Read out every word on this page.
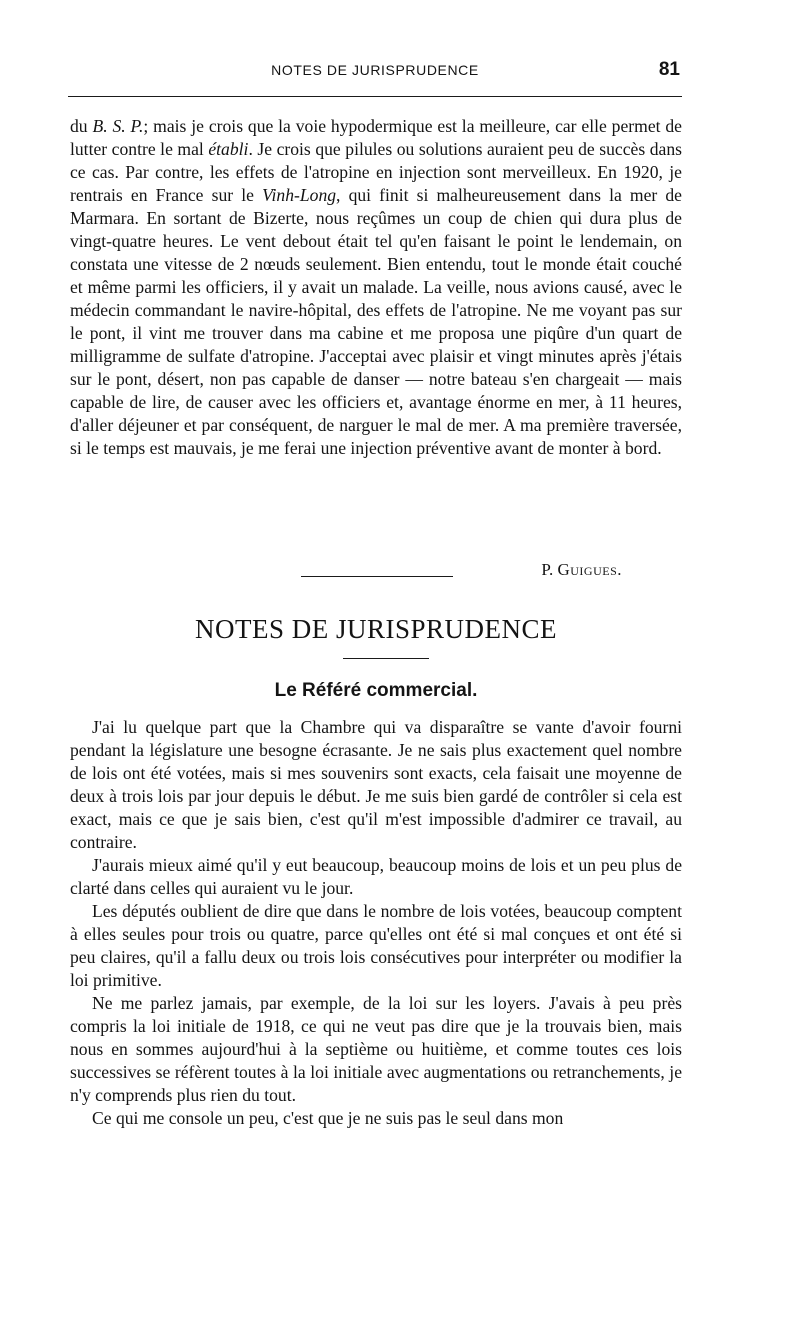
NOTES DE JURISPRUDENCE	81

du B. S. P.; mais je crois que la voie hypodermique est la meilleure, car elle permet de lutter contre le mal établi. Je crois que pilules ou solutions auraient peu de succès dans ce cas. Par contre, les effets de l'atropine en injection sont merveilleux. En 1920, je rentrais en France sur le Vinh-Long, qui finit si malheureusement dans la mer de Marmara. En sortant de Bizerte, nous reçûmes un coup de chien qui dura plus de vingt-quatre heures. Le vent debout était tel qu'en faisant le point le lendemain, on constata une vitesse de 2 nœuds seulement. Bien entendu, tout le monde était couché et même parmi les officiers, il y avait un malade. La veille, nous avions causé, avec le médecin commandant le navire-hôpital, des effets de l'atropine. Ne me voyant pas sur le pont, il vint me trouver dans ma cabine et me proposa une piqûre d'un quart de milligramme de sulfate d'atropine. J'acceptai avec plaisir et vingt minutes après j'étais sur le pont, désert, non pas capable de danser — notre bateau s'en chargeait — mais capable de lire, de causer avec les officiers et, avantage énorme en mer, à 11 heures, d'aller déjeuner et par conséquent, de narguer le mal de mer. A ma première traversée, si le temps est mauvais, je me ferai une injection préventive avant de monter à bord.

P. Guigues.
NOTES DE JURISPRUDENCE
Le Référé commercial.

J'ai lu quelque part que la Chambre qui va disparaître se vante d'avoir fourni pendant la législature une besogne écrasante. Je ne sais plus exactement quel nombre de lois ont été votées, mais si mes souvenirs sont exacts, cela faisait une moyenne de deux à trois lois par jour depuis le début. Je me suis bien gardé de contrôler si cela est exact, mais ce que je sais bien, c'est qu'il m'est impossible d'admirer ce travail, au contraire.

J'aurais mieux aimé qu'il y eut beaucoup, beaucoup moins de lois et un peu plus de clarté dans celles qui auraient vu le jour.

Les députés oublient de dire que dans le nombre de lois votées, beaucoup comptent à elles seules pour trois ou quatre, parce qu'elles ont été si mal conçues et ont été si peu claires, qu'il a fallu deux ou trois lois consécutives pour interpréter ou modifier la loi primitive.

Ne me parlez jamais, par exemple, de la loi sur les loyers. J'avais à peu près compris la loi initiale de 1918, ce qui ne veut pas dire que je la trouvais bien, mais nous en sommes aujourd'hui à la septième ou huitième, et comme toutes ces lois successives se réfèrent toutes à la loi initiale avec augmentations ou retranchements, je n'y comprends plus rien du tout.

Ce qui me console un peu, c'est que je ne suis pas le seul dans mon
